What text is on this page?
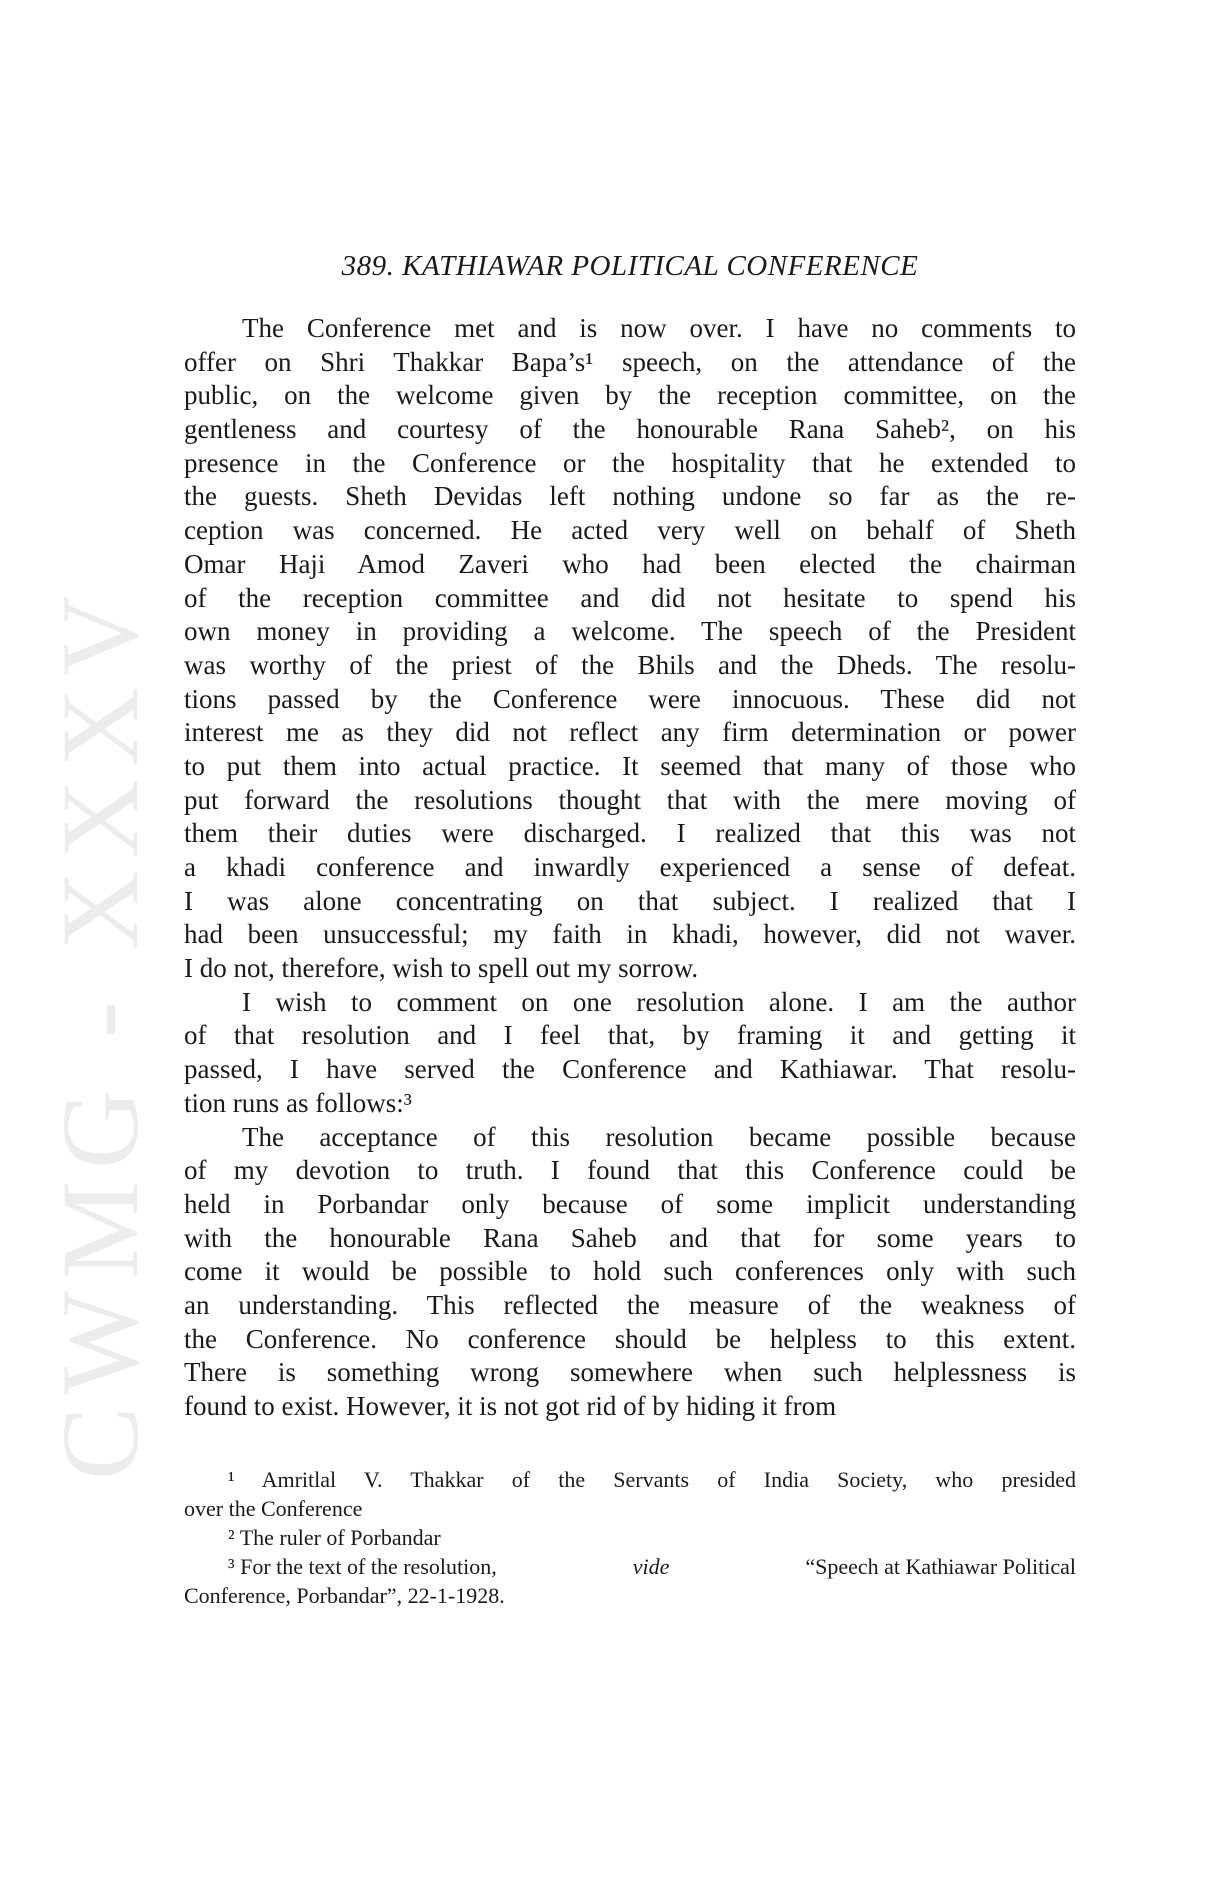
CWMG - XXXV
389. KATHIAWAR POLITICAL CONFERENCE
The Conference met and is now over. I have no comments to
offer on Shri Thakkar Bapa’s¹ speech, on the attendance of the
public, on the welcome given by the reception committee, on the
gentleness and courtesy of the honourable Rana Saheb², on his
presence in the Conference or the hospitality that he extended to
the guests. Sheth Devidas left nothing undone so far as the re-
ception was concerned. He acted very well on behalf of Sheth
Omar Haji Amod Zaveri who had been elected the chairman
of the reception committee and did not hesitate to spend his
own money in providing a welcome. The speech of the President
was worthy of the priest of the Bhils and the Dheds. The resolu-
tions passed by the Conference were innocuous. These did not
interest me as they did not reflect any firm determination or power
to put them into actual practice. It seemed that many of those who
put forward the resolutions thought that with the mere moving of
them their duties were discharged. I realized that this was not
a khadi conference and inwardly experienced a sense of defeat.
I was alone concentrating on that subject. I realized that I
had been unsuccessful; my faith in khadi, however, did not waver.
I do not, therefore, wish to spell out my sorrow.
I wish to comment on one resolution alone. I am the author
of that resolution and I feel that, by framing it and getting it
passed, I have served the Conference and Kathiawar. That resolu-
tion runs as follows:³
The acceptance of this resolution became possible because
of my devotion to truth. I found that this Conference could be
held in Porbandar only because of some implicit understanding
with the honourable Rana Saheb and that for some years to
come it would be possible to hold such conferences only with such
an understanding. This reflected the measure of the weakness of
the Conference. No conference should be helpless to this extent.
There is something wrong somewhere when such helplessness is
found to exist. However, it is not got rid of by hiding it from
¹ Amritlal V. Thakkar of the Servants of India Society, who presided
over the Conference
² The ruler of Porbandar
³ For the text of the resolution,	vide	“Speech at Kathiawar Political
Conference, Porbandar”, 22-1-1928.
